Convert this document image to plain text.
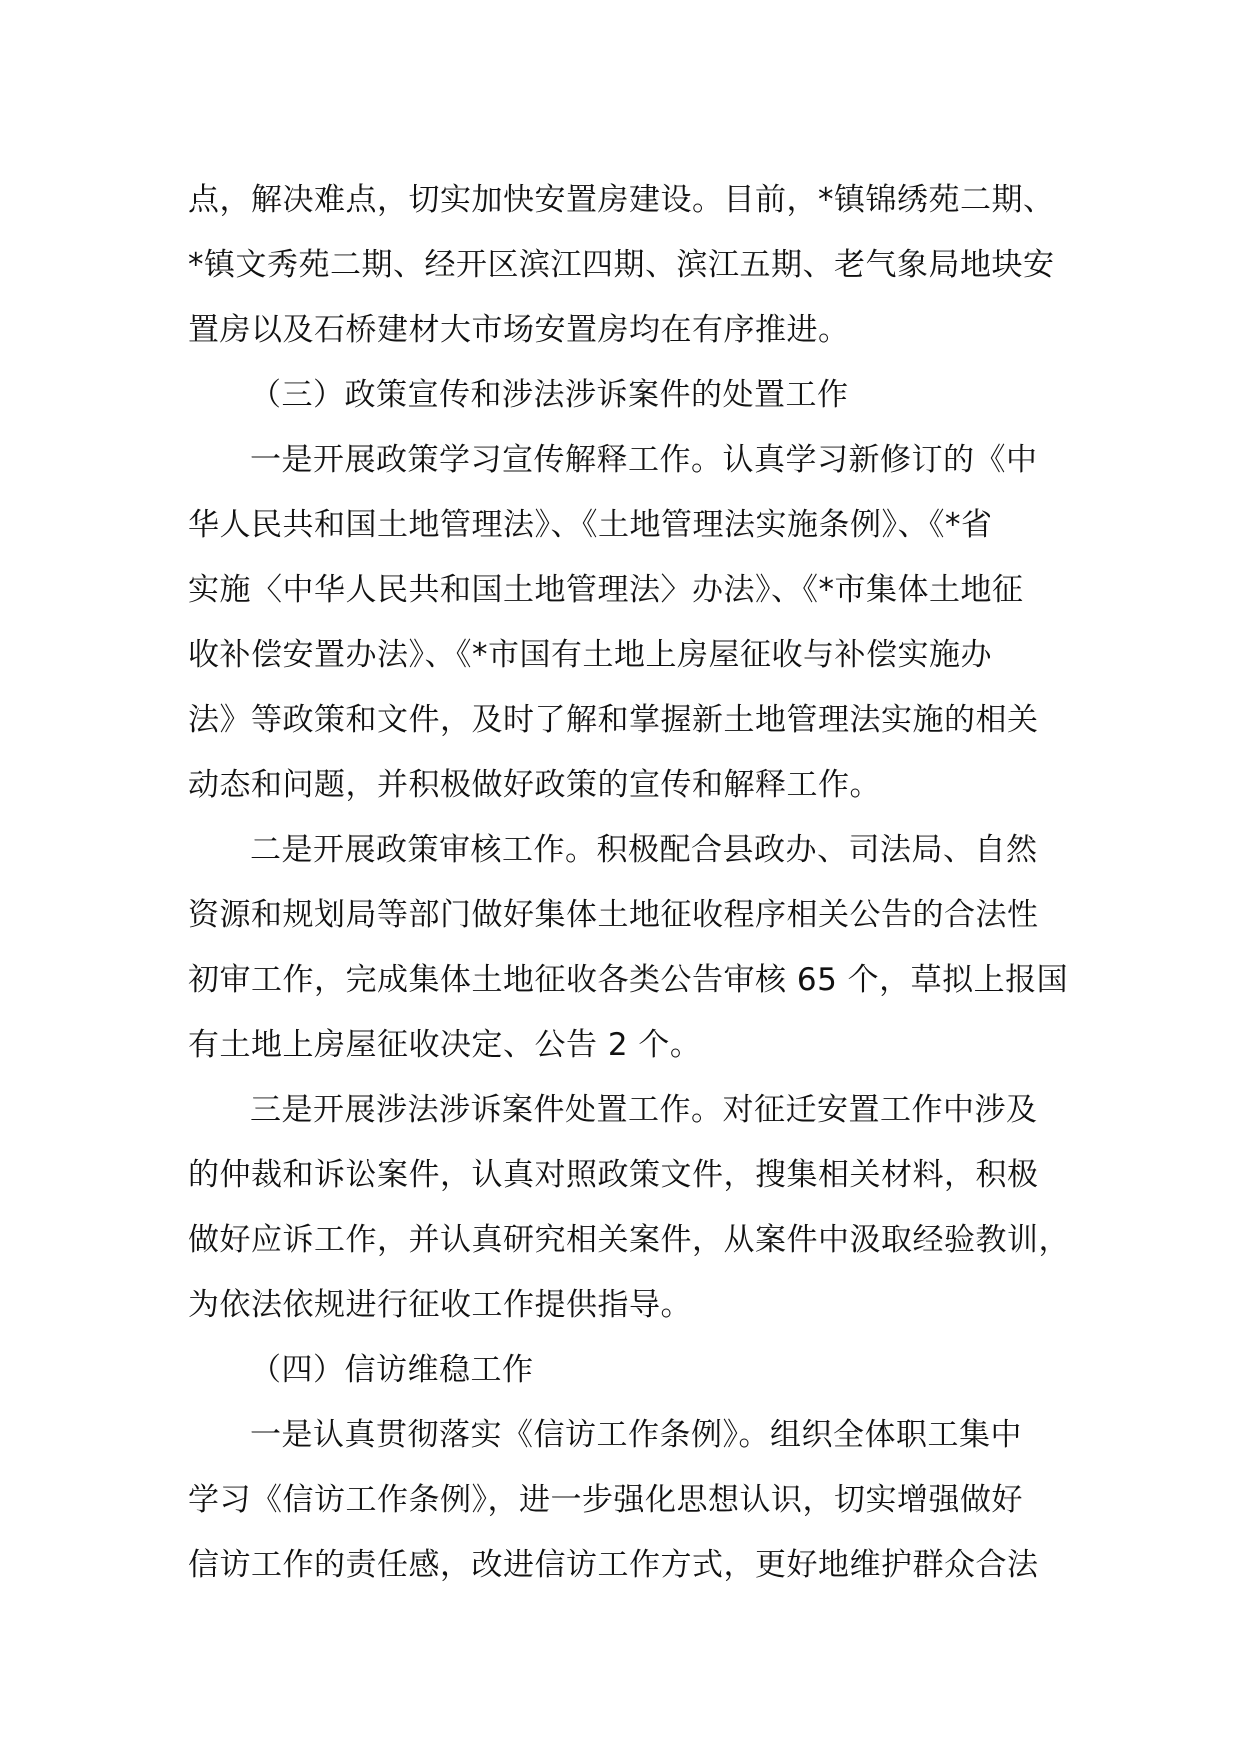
点，解决难点，切实加快安置房建设。目前，*镇锦绣苑二期、
*镇文秀苑二期、经开区滨江四期、滨江五期、老气象局地块安
置房以及石桥建材大市场安置房均在有序推进。
（三）政策宣传和涉法涉诉案件的处置工作
一是开展政策学习宣传解释工作。认真学习新修订的《中
华人民共和国土地管理法》、《土地管理法实施条例》、《*省
实施〈中华人民共和国土地管理法〉办法》、《*市集体土地征
收补偿安置办法》、《*市国有土地上房屋征收与补偿实施办
法》等政策和文件，及时了解和掌握新土地管理法实施的相关
动态和问题，并积极做好政策的宣传和解释工作。
二是开展政策审核工作。积极配合县政办、司法局、自然
资源和规划局等部门做好集体土地征收程序相关公告的合法性
初审工作，完成集体土地征收各类公告审核 65 个，草拟上报国
有土地上房屋征收决定、公告 2 个。
三是开展涉法涉诉案件处置工作。对征迁安置工作中涉及
的仲裁和诉讼案件，认真对照政策文件，搜集相关材料，积极
做好应诉工作，并认真研究相关案件，从案件中汲取经验教训，
为依法依规进行征收工作提供指导。
（四）信访维稳工作
一是认真贯彻落实《信访工作条例》。组织全体职工集中
学习《信访工作条例》，进一步强化思想认识，切实增强做好
信访工作的责任感，改进信访工作方式，更好地维护群众合法
